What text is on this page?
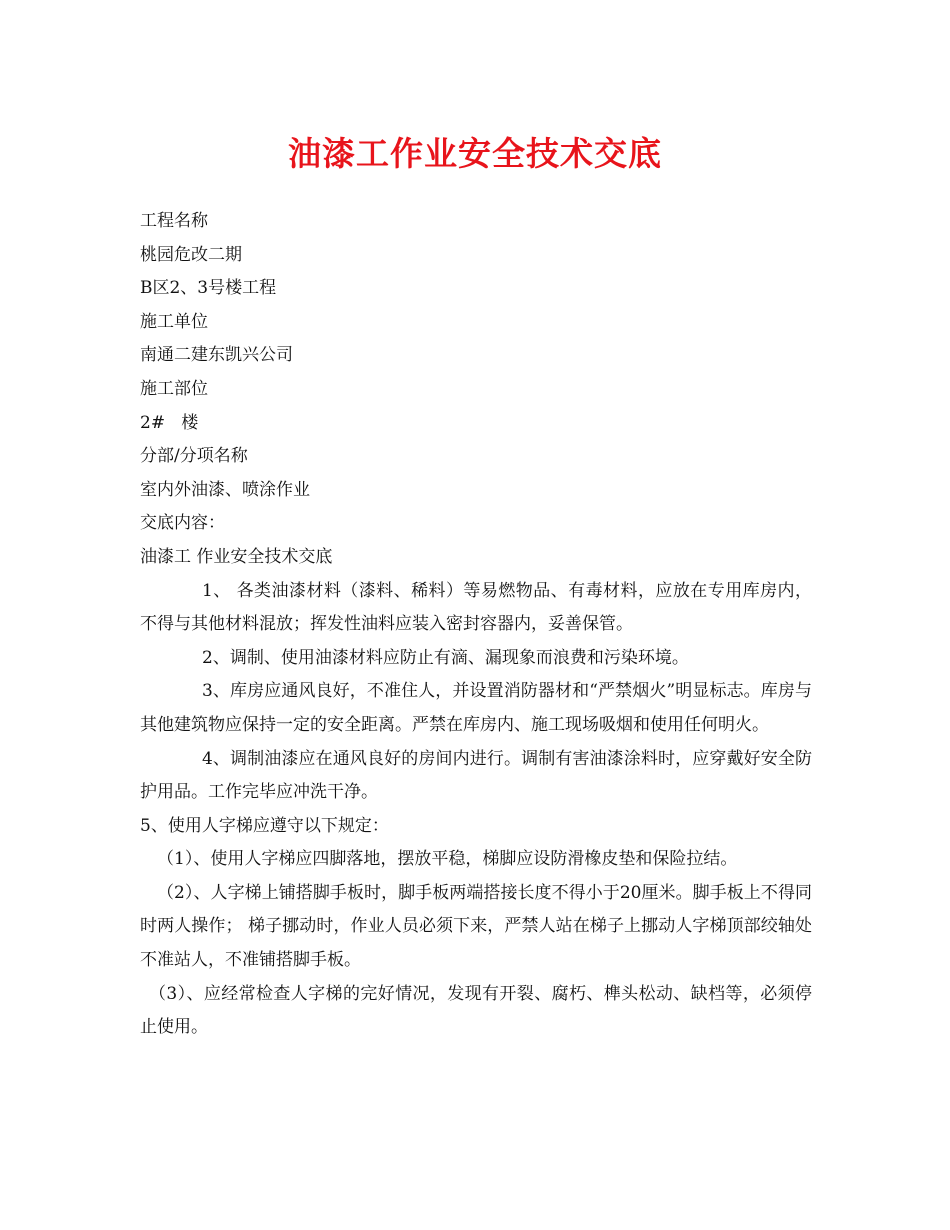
油漆工作业安全技术交底

工程名称

桃园危改二期

B区2、3号楼工程

施工单位

南通二建东凯兴公司

施工部位

2#   楼

分部/分项名称

室内外油漆、喷涂作业

交底内容：

油漆工 作业安全技术交底

1、 各类油漆材料（漆料、稀料）等易燃物品、有毒材料，应放在专用库房内，不得与其他材料混放；挥发性油料应装入密封容器内，妥善保管。

2、调制、使用油漆材料应防止有滴、漏现象而浪费和污染环境。

3、库房应通风良好，不准住人，并设置消防器材和“严禁烟火”明显标志。库房与其他建筑物应保持一定的安全距离。严禁在库房内、施工现场吸烟和使用任何明火。

4、调制油漆应在通风良好的房间内进行。调制有害油漆涂料时，应穿戴好安全防护用品。工作完毕应冲洗干净。

5、使用人字梯应遵守以下规定：

（1）、使用人字梯应四脚落地，摆放平稳，梯脚应设防滑橡皮垫和保险拉结。

（2）、人字梯上铺搭脚手板时，脚手板两端搭接长度不得小于20厘米。脚手板上不得同时两人操作； 梯子挪动时，作业人员必须下来，严禁人站在梯子上挪动人字梯顶部绞轴处不准站人，不准铺搭脚手板。

（3）、应经常检查人字梯的完好情况，发现有开裂、腐朽、榫头松动、缺档等，必须停止使用。
